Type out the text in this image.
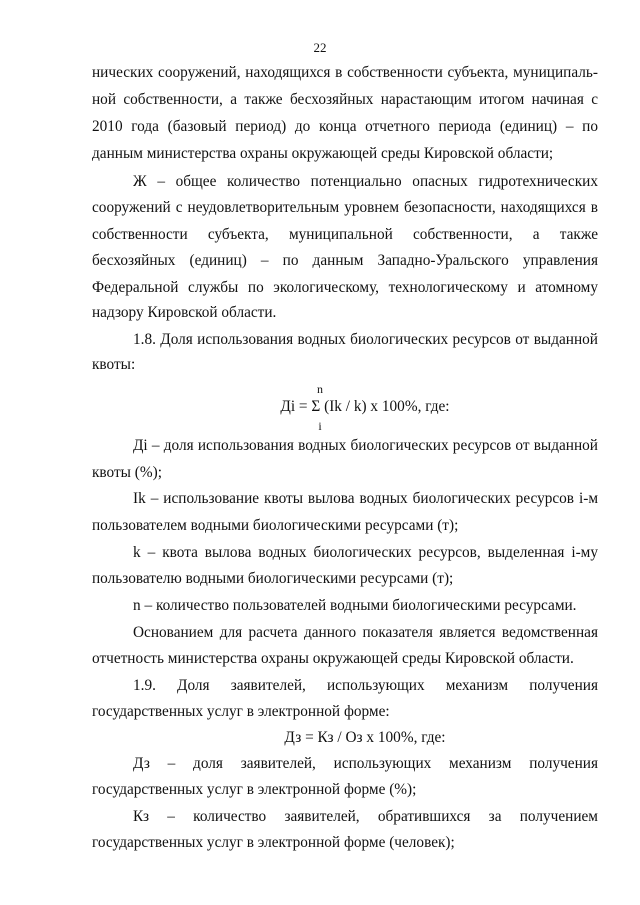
22
нических сооружений, находящихся в собственности субъекта, муниципаль-
ной собственности, а также бесхозяйных нарастающим итогом начиная с
2010 года (базовый период) до конца отчетного периода (единиц) – по
данным министерства охраны окружающей среды Кировской области;
Ж – общее количество потенциально опасных гидротехнических
сооружений с неудовлетворительным уровнем безопасности, находящихся в
собственности субъекта, муниципальной собственности, а также
бесхозяйных (единиц) – по данным Западно-Уральского управления
Федеральной службы по экологическому, технологическому и атомному
надзору Кировской области.
1.8. Доля использования водных биологических ресурсов от выданной
квоты:
n
Дi = Σ (Ik / k) х 100%, где:
i
Дi – доля использования водных биологических ресурсов от выданной
квоты (%);
Ik – использование квоты вылова водных биологических ресурсов i-м
пользователем водными биологическими ресурсами (т);
k – квота вылова водных биологических ресурсов, выделенная i-му
пользователю водными биологическими ресурсами (т);
n – количество пользователей водными биологическими ресурсами.
Основанием для расчета данного показателя является ведомственная
отчетность министерства охраны окружающей среды Кировской области.
1.9. Доля заявителей, использующих механизм получения
государственных услуг в электронной форме:
Дз = Кз / Оз х 100%, где:
Дз – доля заявителей, использующих механизм получения
государственных услуг в электронной форме (%);
Кз – количество заявителей, обратившихся за получением
государственных услуг в электронной форме (человек);
